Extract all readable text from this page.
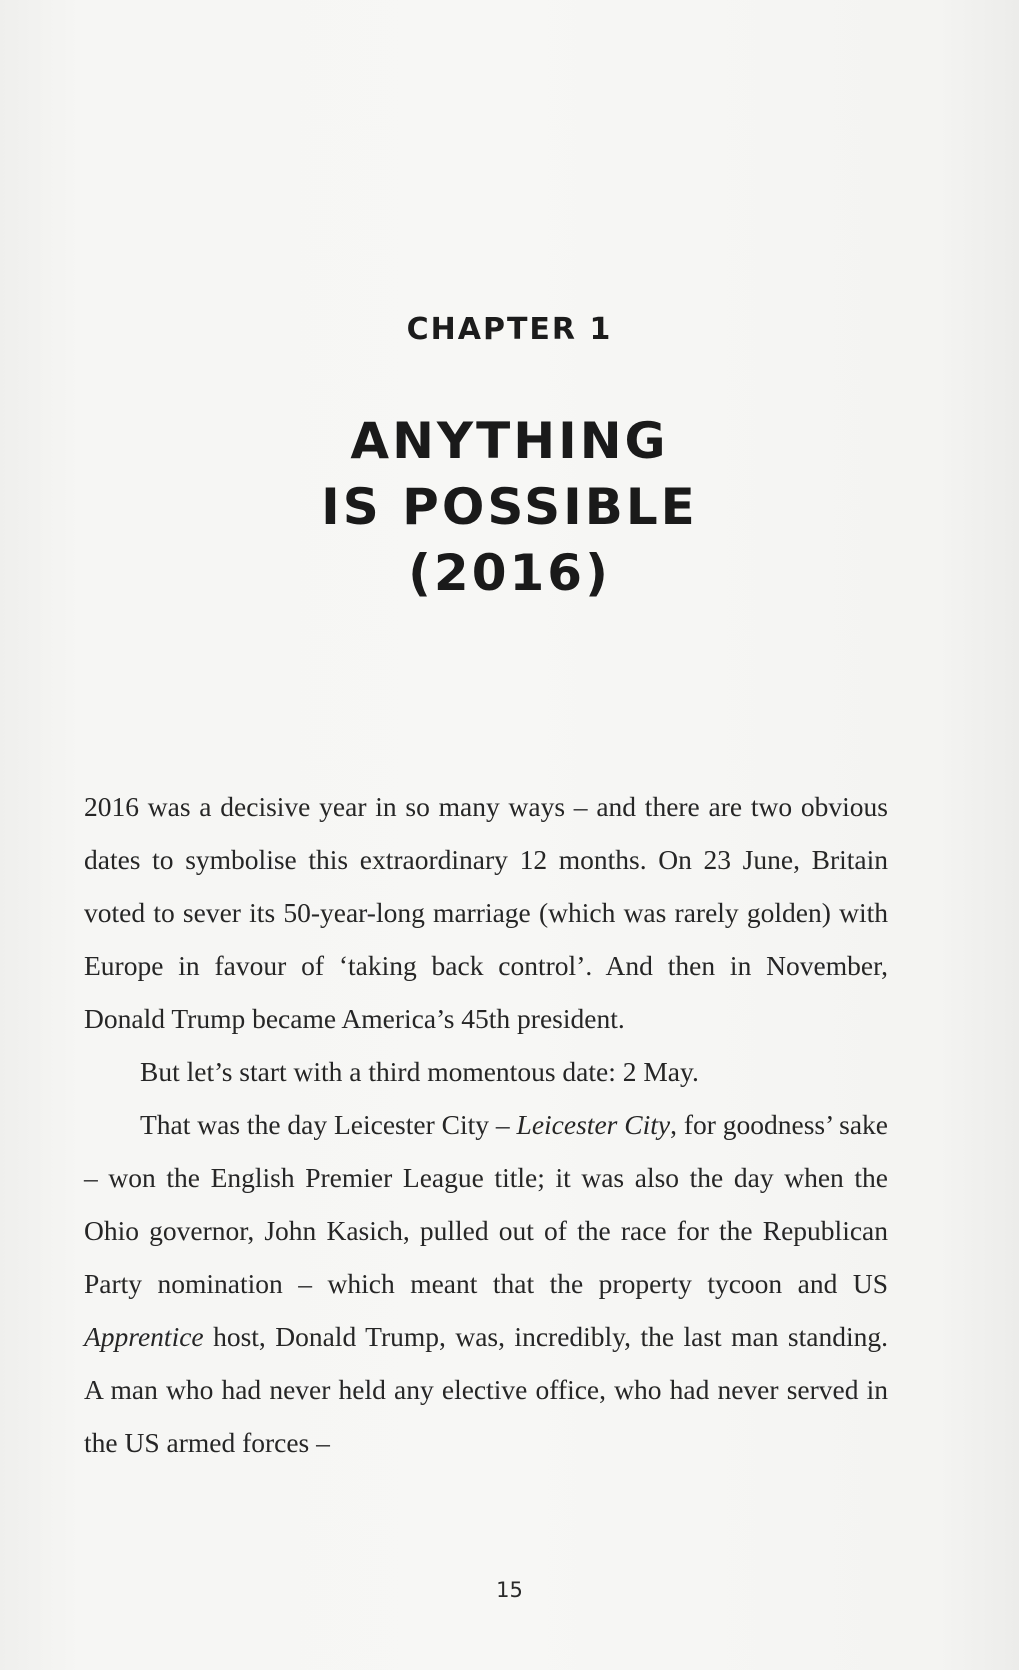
CHAPTER 1
ANYTHING
IS POSSIBLE
(2016)

2016 was a decisive year in so many ways – and there are two obvious dates to symbolise this extraordinary 12 months. On 23 June, Britain voted to sever its 50-year-long marriage (which was rarely golden) with Europe in favour of ‘taking back control’. And then in November, Donald Trump became America’s 45th president.

But let’s start with a third momentous date: 2 May.

That was the day Leicester City – Leicester City, for goodness’ sake – won the English Premier League title; it was also the day when the Ohio governor, John Kasich, pulled out of the race for the Republican Party nomination – which meant that the property tycoon and US Apprentice host, Donald Trump, was, incredibly, the last man standing. A man who had never held any elective office, who had never served in the US armed forces –

15
